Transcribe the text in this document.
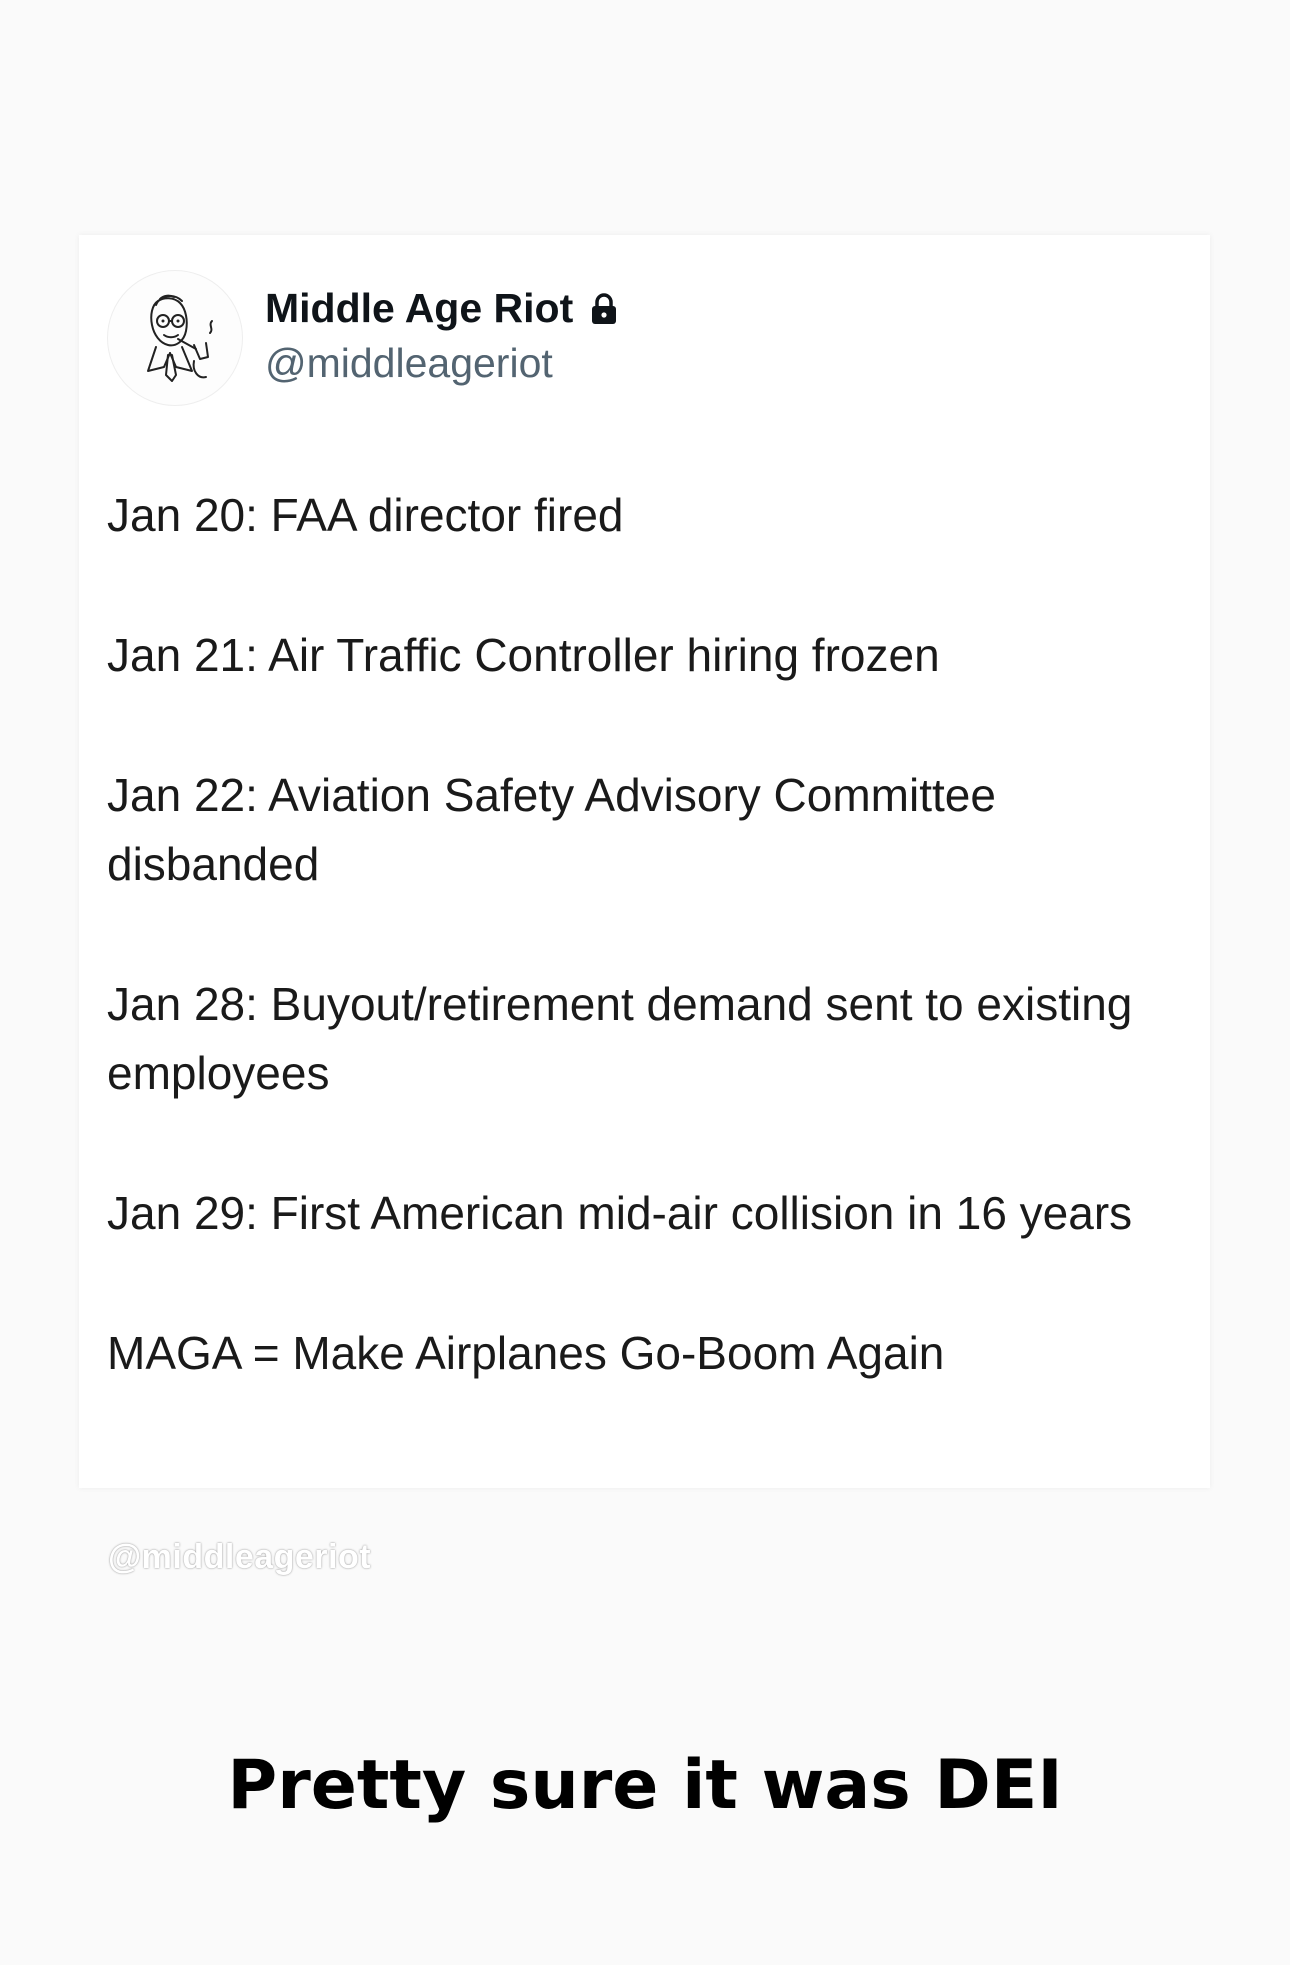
Middle Age Riot
@middleageriot

Jan 20: FAA director fired

Jan 21: Air Traffic Controller hiring frozen

Jan 22: Aviation Safety Advisory Committee disbanded

Jan 28: Buyout/retirement demand sent to existing employees

Jan 29: First American mid-air collision in 16 years

MAGA = Make Airplanes Go-Boom Again

@middleageriot
Pretty sure it was DEI
